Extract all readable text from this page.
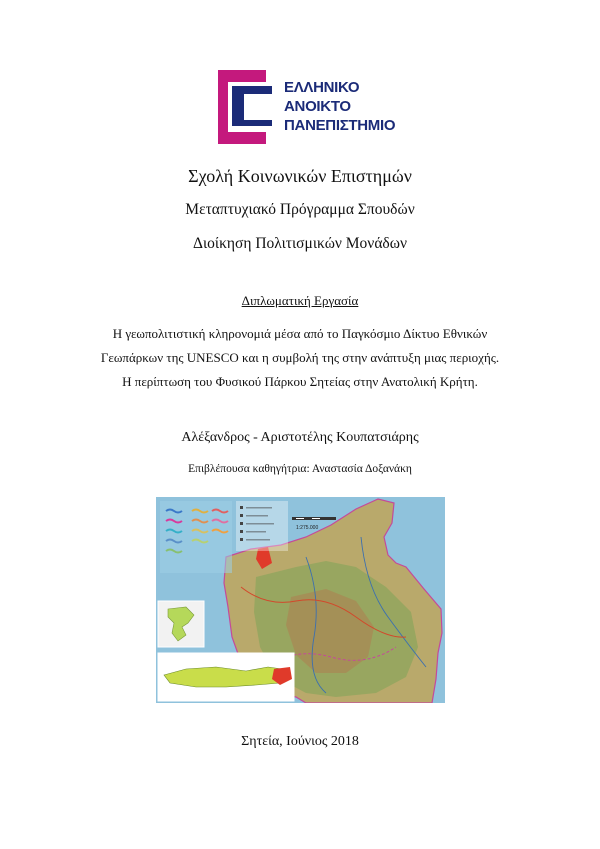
ΕΛΛΗΝΙΚΟ
ΑΝΟΙΚΤΟ
ΠΑΝΕΠΙΣΤΗΜΙΟ
Σχολή Κοινωνικών Επιστημών
Μεταπτυχιακό Πρόγραμμα Σπουδών
Διοίκηση Πολιτισμικών Μονάδων
Διπλωματική Εργασία
Η γεωπολιτιστική κληρονομιά μέσα από το Παγκόσμιο Δίκτυο Εθνικών
Γεωπάρκων της UNESCO και η συμβολή της στην ανάπτυξη μιας περιοχής.
Η περίπτωση του Φυσικού Πάρκου Σητείας στην Ανατολική Κρήτη.
Αλέξανδρος - Αριστοτέλης Κουπατσιάρης
Επιβλέπουσα καθηγήτρια: Αναστασία Δοξανάκη
1:275.000
Σητεία, Ιούνιος 2018
